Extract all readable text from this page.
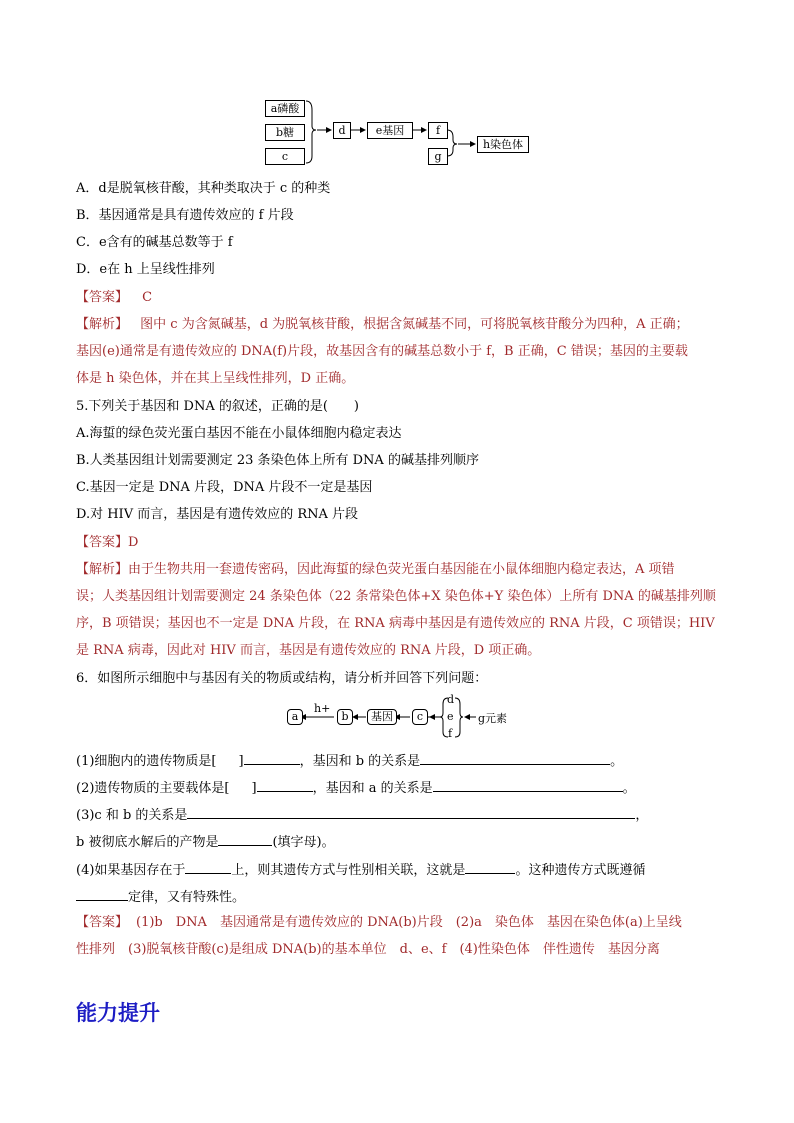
a磷酸
b糖
c
d	e基因	f
g
h染色体
A．d是脱氧核苷酸，其种类取决于 c 的种类
B．基因通常是具有遗传效应的 f 片段
C．e含有的碱基总数等于 f
D．e在 h 上呈线性排列
【答案】 C
【解析】 图中 c 为含氮碱基，d 为脱氧核苷酸，根据含氮碱基不同，可将脱氧核苷酸分为四种，A 正确；
基因(e)通常是有遗传效应的 DNA(f)片段，故基因含有的碱基总数小于 f，B 正确，C 错误；基因的主要载
体是 h 染色体，并在其上呈线性排列，D 正确。
5.下列关于基因和 DNA 的叙述，正确的是(　　)
A.海蜇的绿色荧光蛋白基因不能在小鼠体细胞内稳定表达
B.人类基因组计划需要测定 23 条染色体上所有 DNA 的碱基排列顺序
C.基因一定是 DNA 片段，DNA 片段不一定是基因
D.对 HIV 而言，基因是有遗传效应的 RNA 片段
【答案】D
【解析】由于生物共用一套遗传密码，因此海蜇的绿色荧光蛋白基因能在小鼠体细胞内稳定表达，A 项错
误；人类基因组计划需要测定 24 条染色体（22 条常染色体+X 染色体+Y 染色体）上所有 DNA 的碱基排列顺
序，B 项错误；基因也不一定是 DNA 片段，在 RNA 病毒中基因是有遗传效应的 RNA 片段，C 项错误；HIV
是 RNA 病毒，因此对 HIV 而言，基因是有遗传效应的 RNA 片段，D 项正确。
6．如图所示细胞中与基因有关的物质或结构，请分析并回答下列问题：
a
h+
b	基因	c
d
e
f
g元素
(1)细胞内的遗传物质是[ ]	，基因和 b 的关系是	。
(2)遗传物质的主要载体是[ ]	，基因和 a 的关系是	。
(3)c 和 b 的关系是	，
b 被彻底水解后的产物是	(填字母)。
(4)如果基因存在于	上，则其遗传方式与性别相关联，这就是	。这种遗传方式既遵循
定律，又有特殊性。
【答案】 (1)b　DNA　基因通常是有遗传效应的 DNA(b)片段　(2)a　染色体　基因在染色体(a)上呈线
性排列　(3)脱氧核苷酸(c)是组成 DNA(b)的基本单位　d、e、f　(4)性染色体　伴性遗传　基因分离
能力提升
